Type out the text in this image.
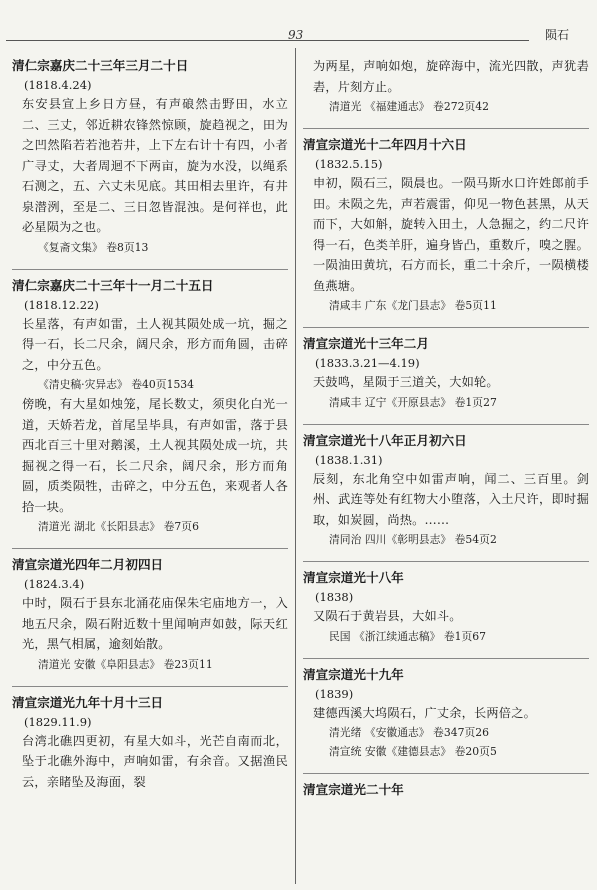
93	陨石
清仁宗嘉庆二十三年三月二十日
(1818.4.24)
东安县宣上乡日方昼，有声硠然击野田，水立二、三丈，邻近耕农锋然惊顾，旋趋视之，田为之凹然陷若若池若井，上下左右计十有四，小者广寻丈，大者周迴不下两亩，旋为水没，以绳系石测之，五、六丈未见底。其田相去里许，有井泉潜洌，至是二、三日忽皆混浊。是何祥也，此必星陨为之也。
《复斋文集》 卷8页13
清仁宗嘉庆二十三年十一月二十五日
(1818.12.22)
长星落，有声如雷，土人视其陨处成一坑，掘之得一石，长二尺余，阔尺余，形方而角圆，击碎之，中分五色。
《清史稿·灾异志》 卷40页1534
傍晚，有大星如烛笼，尾长数丈，须臾化白光一道，天娇若龙，首尾呈毕具，有声如雷，落于县西北百三十里对鹅溪，土人视其陨处成一坑，共掘视之得一石，长二尺余，阔尺余，形方而角圆，质类陨牲，击碎之，中分五色，来观者人各拾一块。
清道光 湖北《长阳县志》 卷7页6
清宣宗道光四年二月初四日
(1824.3.4)
中时，陨石于县东北涌花庙保朱宅庙地方一，入地五尺余，陨石附近数十里闻响声如鼓，际天红光，黑气相属，逾刻始散。
清道光 安徽《阜阳县志》 卷23页11
清宣宗道光九年十月十三日
(1829.11.9)
台湾北礁四更初，有星大如斗，光芒自南而北，坠于北礁外海中，声响如雷，有余音。又据渔民云，亲睹坠及海面，裂
为两星，声响如炮，旋碎海中，流光四散，声犹砉砉，片刻方止。
清道光 《福建通志》 卷272页42
清宣宗道光十二年四月十六日
(1832.5.15)
申初，陨石三，陨晨也。一陨马斯水口许姓郎前手田。未陨之先，声若震雷，仰见一物色甚黑，从天而下，大如斛，旋转入田土，人急掘之，约二尺许得一石，色类羊肝，遍身皆凸，重数斤，嗅之腥。一陨油田黄坑，石方而长，重二十余斤，一陨横楼鱼燕塘。
清咸丰 广东《龙门县志》 卷5页11
清宣宗道光十三年二月
(1833.3.21—4.19)
天鼓鸣，星陨于三道关，大如轮。
清咸丰 辽宁《开原县志》 卷1页27
清宣宗道光十八年正月初六日
(1838.1.31)
辰刻，东北角空中如雷声响，闻二、三百里。剑州、武连等处有红物大小堕落，入土尺许，即时掘取，如炭圆，尚热。……
清同治 四川《彰明县志》 卷54页2
清宣宗道光十八年
(1838)
又陨石于黄岩县，大如斗。
民国 《浙江续通志稿》 卷1页67
清宣宗道光十九年
(1839)
建德西溪大坞陨石，广丈余，长两倍之。
清光绪 《安徽通志》 卷347页26
清宣统 安徽《建德县志》 卷20页5
清宣宗道光二十年
